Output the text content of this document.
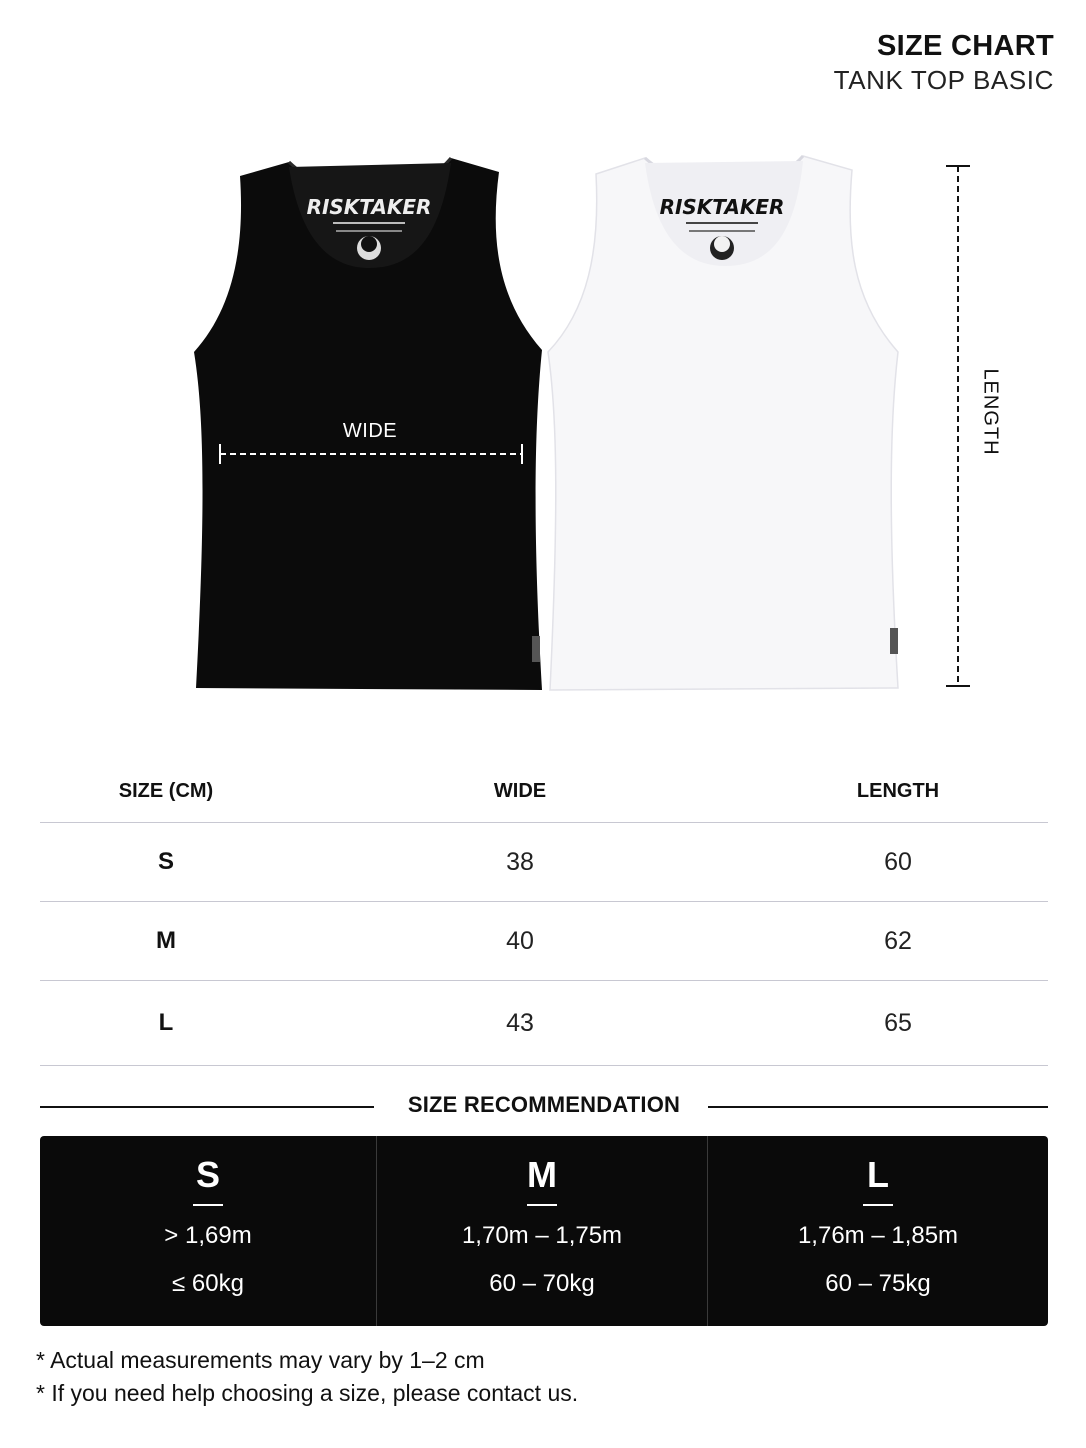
SIZE CHART
TANK TOP BASIC
RISKTAKER	RISKTAKER
WIDE	LENGTH
SIZE (CM)	WIDE	LENGTH
S	38	60
M	40	62
L	43	65
SIZE RECOMMENDATION
S
> 1,69m
≤ 60kg
M
1,70m – 1,75m
60 – 70kg
L
1,76m – 1,85m
60 – 75kg
* Actual measurements may vary by 1–2 cm
* If you need help choosing a size, please contact us.
